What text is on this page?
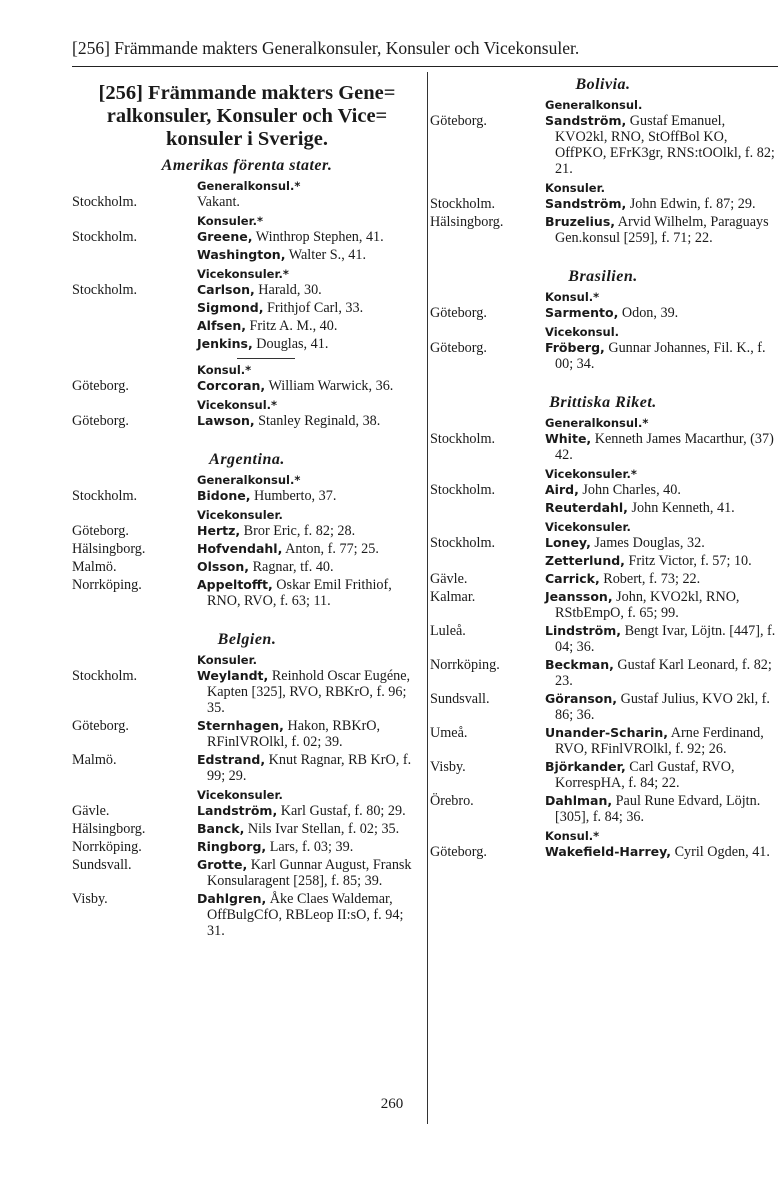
[256] Främmande makters Generalkonsuler, Konsuler och Vicekonsuler.
[256] Främmande makters Gene=
ralkonsuler, Konsuler och Vice=
konsuler i Sverige.
Amerikas förenta stater.
Generalkonsul.*
Stockholm.	Vakant.
Konsuler.*
Stockholm.	Greene, Winthrop Stephen, 41.
Washington, Walter S., 41.
Vicekonsuler.*
Stockholm.	Carlson, Harald, 30.
Sigmond, Frithjof Carl, 33.
Alfsen, Fritz A. M., 40.
Jenkins, Douglas, 41.
Konsul.*
Göteborg.	Corcoran, William Warwick, 36.
Vicekonsul.*
Göteborg.	Lawson, Stanley Reginald, 38.
Argentina.
Generalkonsul.*
Stockholm.	Bidone, Humberto, 37.
Vicekonsuler.
Göteborg.	Hertz, Bror Eric, f. 82; 28.
Hälsingborg.	Hofvendahl, Anton, f. 77; 25.
Malmö.	Olsson, Ragnar, tf. 40.
Norrköping.	Appeltofft, Oskar Emil Frithiof, RNO, RVO, f. 63; 11.
Belgien.
Konsuler.
Stockholm.	Weylandt, Reinhold Oscar Eugéne, Kapten [325], RVO, RBKrO, f. 96; 35.
Göteborg.	Sternhagen, Hakon, RBKrO, RFinlVROlkl, f. 02; 39.
Malmö.	Edstrand, Knut Ragnar, RB KrO, f. 99; 29.
Vicekonsuler.
Gävle.	Landström, Karl Gustaf, f. 80; 29.
Hälsingborg.	Banck, Nils Ivar Stellan, f. 02; 35.
Norrköping.	Ringborg, Lars, f. 03; 39.
Sundsvall.	Grotte, Karl Gunnar August, Fransk Konsularagent [258], f. 85; 39.
Visby.	Dahlgren, Åke Claes Waldemar, OffBulgCfO, RBLeop II:sO, f. 94; 31.
Bolivia.
Generalkonsul.
Göteborg.	Sandström, Gustaf Emanuel, KVO2kl, RNO, StOffBol KO, OffPKO, EFrK3gr, RNS:tOOlkl, f. 82; 21.
Konsuler.
Stockholm.	Sandström, John Edwin, f. 87; 29.
Hälsingborg.	Bruzelius, Arvid Wilhelm, Paraguays Gen.konsul [259], f. 71; 22.
Brasilien.
Konsul.*
Göteborg.	Sarmento, Odon, 39.
Vicekonsul.
Göteborg.	Fröberg, Gunnar Johannes, Fil. K., f. 00; 34.
Brittiska Riket.
Generalkonsul.*
Stockholm.	White, Kenneth James Macarthur, (37) 42.
Vicekonsuler.*
Stockholm.	Aird, John Charles, 40.
Reuterdahl, John Kenneth, 41.
Vicekonsuler.
Stockholm.	Loney, James Douglas, 32.
Zetterlund, Fritz Victor, f. 57; 10.
Gävle.	Carrick, Robert, f. 73; 22.
Kalmar.	Jeansson, John, KVO2kl, RNO, RStbEmpO, f. 65; 99.
Luleå.	Lindström, Bengt Ivar, Löjtn. [447], f. 04; 36.
Norrköping.	Beckman, Gustaf Karl Leonard, f. 82; 23.
Sundsvall.	Göranson, Gustaf Julius, KVO 2kl, f. 86; 36.
Umeå.	Unander-Scharin, Arne Ferdinand, RVO, RFinlVROlkl, f. 92; 26.
Visby.	Björkander, Carl Gustaf, RVO, KorrespHA, f. 84; 22.
Örebro.	Dahlman, Paul Rune Edvard, Löjtn. [305], f. 84; 36.
Konsul.*
Göteborg.	Wakefield-Harrey, Cyril Ogden, 41.
260
